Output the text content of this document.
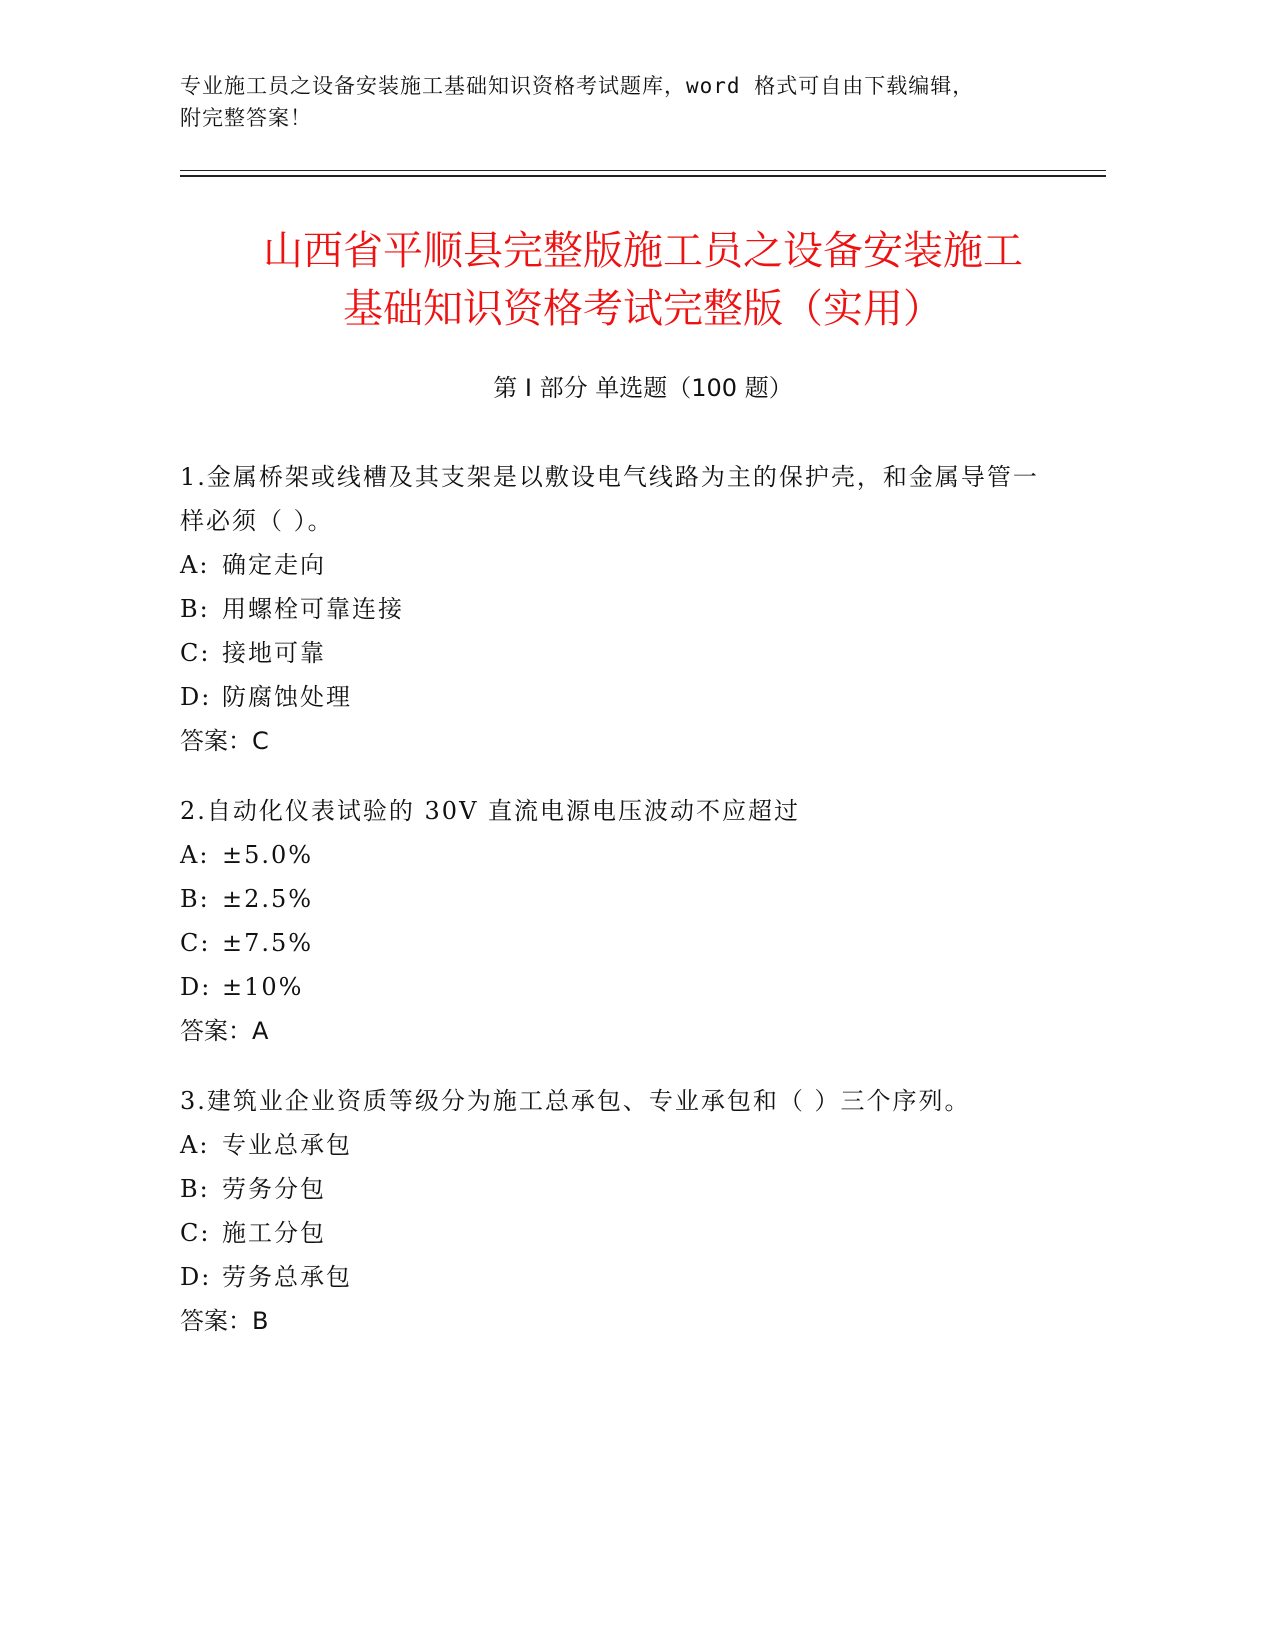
专业施工员之设备安装施工基础知识资格考试题库，word 格式可自由下载编辑，
附完整答案！
山西省平顺县完整版施工员之设备安装施工
基础知识资格考试完整版（实用）
第 I 部分 单选题（100 题）
1.金属桥架或线槽及其支架是以敷设电气线路为主的保护壳，和金属导管一样必须（ ）。
A: 确定走向
B: 用螺栓可靠连接
C: 接地可靠
D: 防腐蚀处理
答案：C
2.自动化仪表试验的 30V 直流电源电压波动不应超过
A: ±5.0%
B: ±2.5%
C: ±7.5%
D: ±10%
答案：A
3.建筑业企业资质等级分为施工总承包、专业承包和（ ）三个序列。
A: 专业总承包
B: 劳务分包
C: 施工分包
D: 劳务总承包
答案：B
